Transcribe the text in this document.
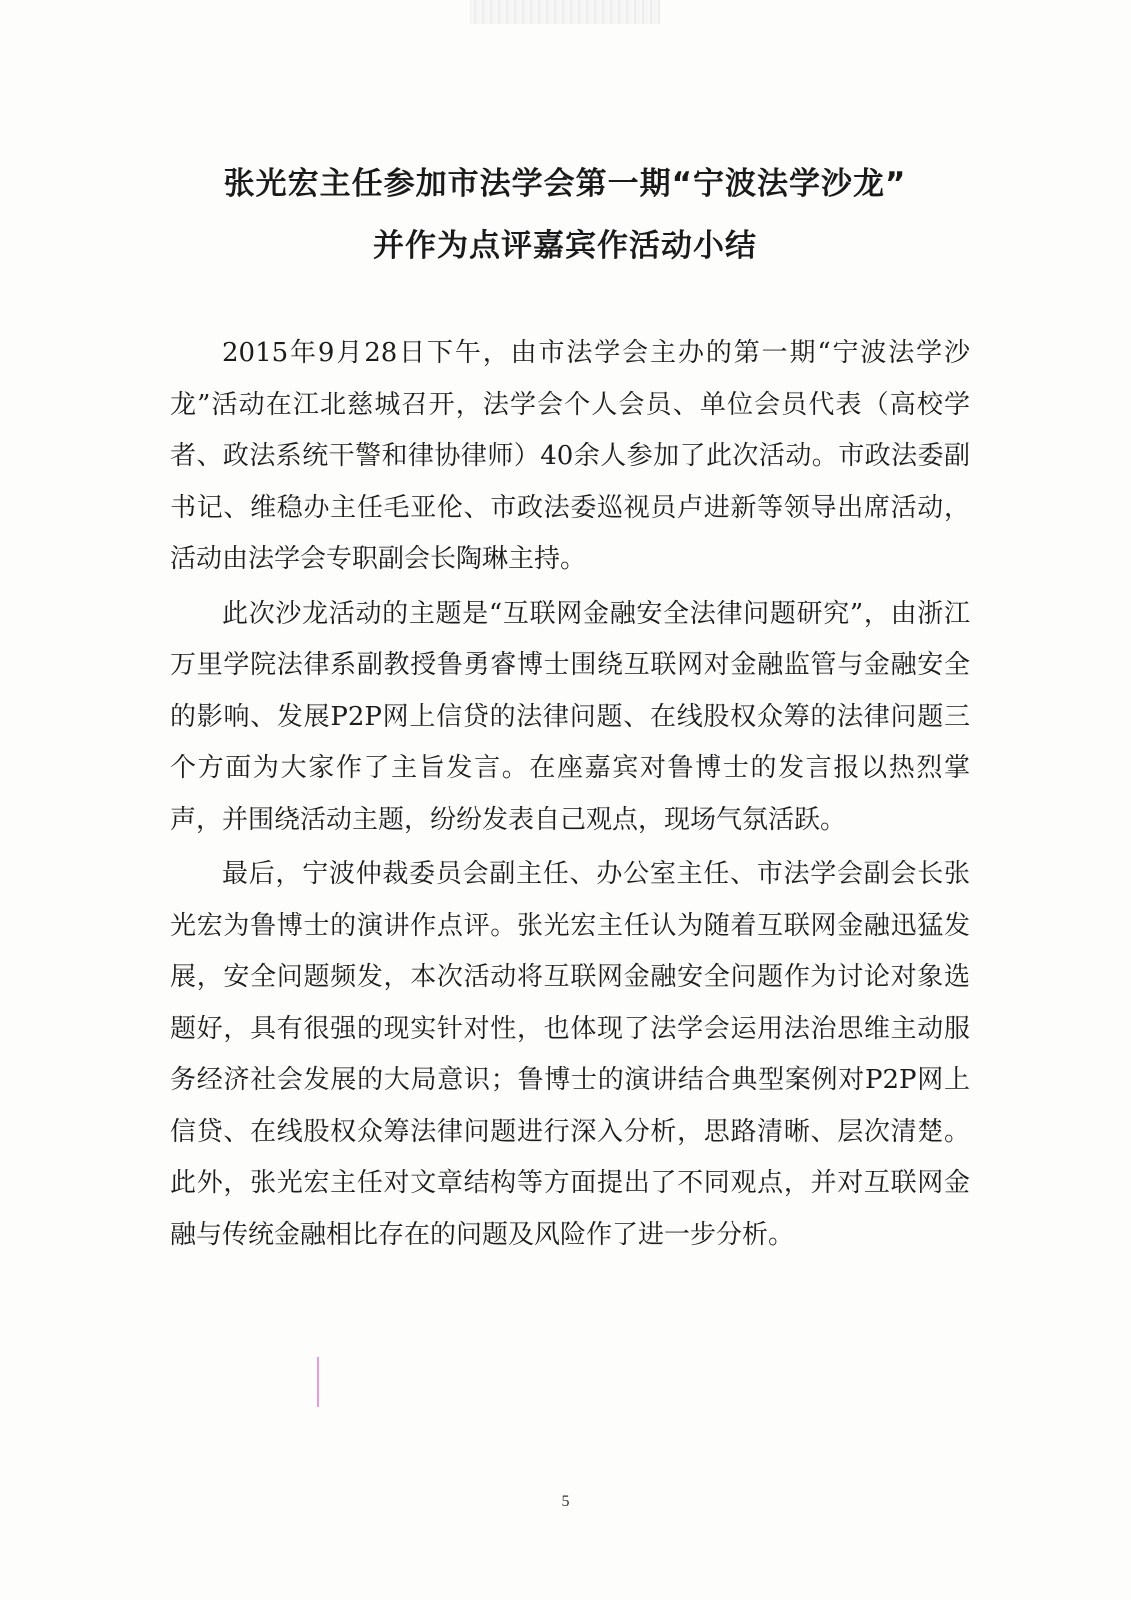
张光宏主任参加市法学会第一期“宁波法学沙龙”
并作为点评嘉宾作活动小结

2015年9月28日下午，由市法学会主办的第一期“宁波法学沙龙”活动在江北慈城召开，法学会个人会员、单位会员代表（高校学者、政法系统干警和律协律师）40余人参加了此次活动。市政法委副书记、维稳办主任毛亚伦、市政法委巡视员卢进新等领导出席活动，活动由法学会专职副会长陶琳主持。

此次沙龙活动的主题是“互联网金融安全法律问题研究”，由浙江万里学院法律系副教授鲁勇睿博士围绕互联网对金融监管与金融安全的影响、发展P2P网上信贷的法律问题、在线股权众筹的法律问题三个方面为大家作了主旨发言。在座嘉宾对鲁博士的发言报以热烈掌声，并围绕活动主题，纷纷发表自己观点，现场气氛活跃。

最后，宁波仲裁委员会副主任、办公室主任、市法学会副会长张光宏为鲁博士的演讲作点评。张光宏主任认为随着互联网金融迅猛发展，安全问题频发，本次活动将互联网金融安全问题作为讨论对象选题好，具有很强的现实针对性，也体现了法学会运用法治思维主动服务经济社会发展的大局意识；鲁博士的演讲结合典型案例对P2P网上信贷、在线股权众筹法律问题进行深入分析，思路清晰、层次清楚。此外，张光宏主任对文章结构等方面提出了不同观点，并对互联网金融与传统金融相比存在的问题及风险作了进一步分析。

5
